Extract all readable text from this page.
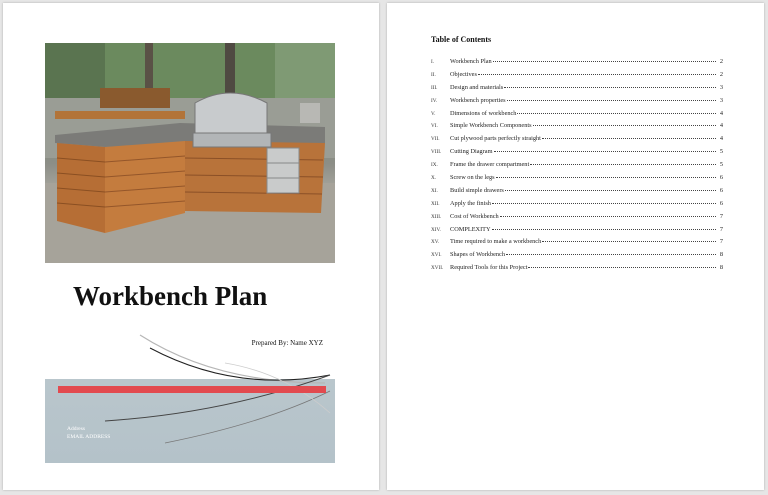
Workbench Plan
Prepared By: Name XYZ
Address
EMAIL ADDRESS
Table of Contents
I.	Workbench Plan	2
II.	Objectives	2
III.	Design and materials	3
IV.	Workbench properties	3
V.	Dimensions of workbench	4
VI.	Simple Workbench Components	4
VII.	Cut plywood parts perfectly straight	4
VIII.	Cutting Diagram	5
IX.	Frame the drawer compartment	5
X.	Screw on the legs	6
XI.	Build simple drawers	6
XII.	Apply the finish	6
XIII.	Cost of Workbench	7
XIV.	COMPLEXITY	7
XV.	Time required to make a workbench	7
XVI.	Shapes of Workbench	8
XVII.	Required Tools for this Project	8
